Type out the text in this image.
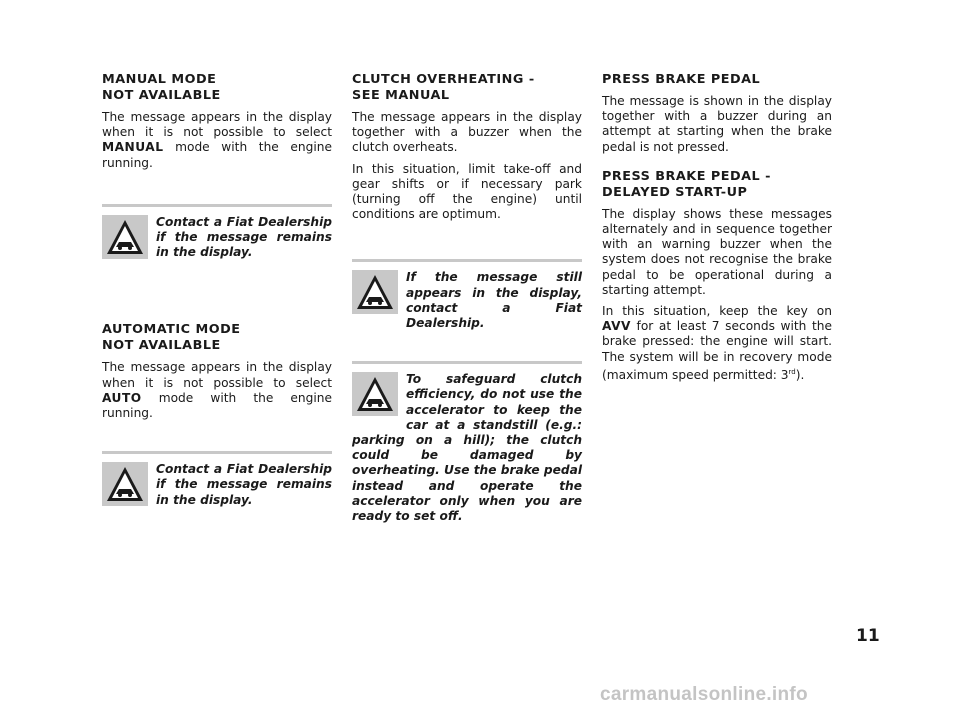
MANUAL MODE
NOT AVAILABLE

The message appears in the display when it is not possible to select MANUAL mode with the engine running.

Contact a Fiat Dealership if the message remains in the display.

AUTOMATIC MODE
NOT AVAILABLE

The message appears in the display when it is not possible to select AUTO mode with the engine running.

Contact a Fiat Dealership if the message remains in the display.

CLUTCH OVERHEATING -
SEE MANUAL

The message appears in the display together with a buzzer when the clutch overheats.

In this situation, limit take-off and gear shifts or if necessary park (turning off the engine) until conditions are optimum.

If the message still appears in the display, contact a Fiat Dealership.

To safeguard clutch efficiency, do not use the accelerator to keep the car at a standstill (e.g.: parking on a hill); the clutch could be damaged by overheating. Use the brake pedal instead and operate the accelerator only when you are ready to set off.

PRESS BRAKE PEDAL

The message is shown in the display together with a buzzer during an attempt at starting when the brake pedal is not pressed.

PRESS BRAKE PEDAL -
DELAYED START-UP

The display shows these messages alternately and in sequence together with an warning buzzer when the system does not recognise the brake pedal to be operational during a starting attempt.

In this situation, keep the key on AVV for at least 7 seconds with the brake pressed: the engine will start. The system will be in recovery mode (maximum speed permitted: 3rd).

11
carmanualsonline.info
